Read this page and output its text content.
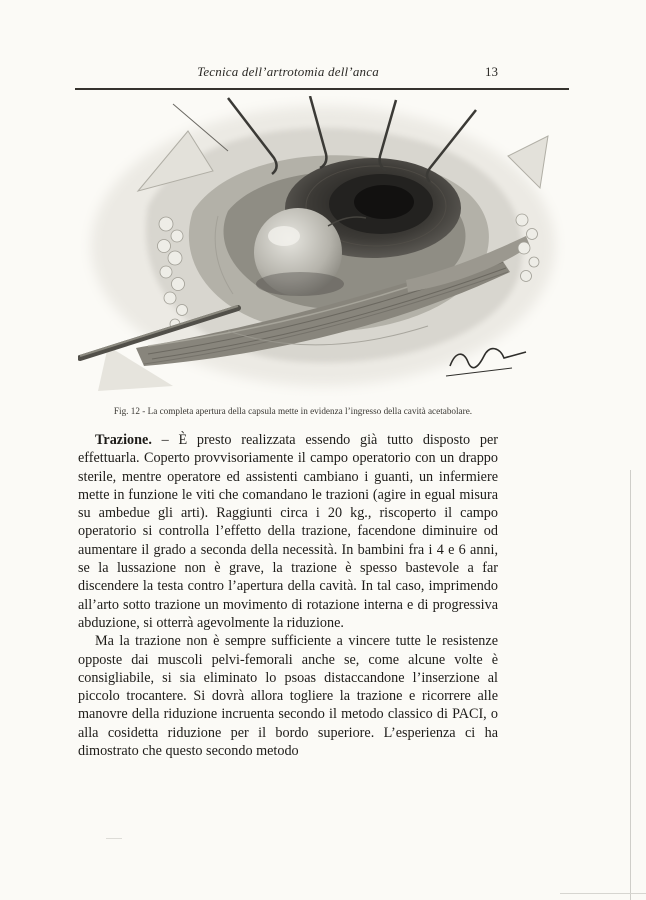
Tecnica dell’artrotomia dell’anca	13
Fig. 12 - La completa apertura della capsula mette in evidenza l’ingresso della cavità acetabolare.

Trazione. – È presto realizzata essendo già tutto disposto per effettuarla. Coperto provvisoriamente il campo operatorio con un drappo sterile, mentre operatore ed assistenti cambiano i guanti, un infermiere mette in funzione le viti che comandano le trazioni (agire in egual misura su ambedue gli arti). Raggiunti circa i 20 kg., riscoperto il campo operatorio si controlla l’effetto della trazione, facendone diminuire od aumentare il grado a seconda della necessità. In bambini fra i 4 e 6 anni, se la lussazione non è grave, la trazione è spesso bastevole a far discendere la testa contro l’apertura della cavità. In tal caso, imprimendo all’arto sotto trazione un movimento di rotazione interna e di progressiva abduzione, si otterrà agevolmente la riduzione.

Ma la trazione non è sempre sufficiente a vincere tutte le resistenze opposte dai muscoli pelvi-femorali anche se, come alcune volte è consigliabile, si sia eliminato lo psoas distaccandone l’inserzione al piccolo trocantere. Si dovrà allora togliere la trazione e ricorrere alle manovre della riduzione incruenta secondo il metodo classico di PACI, o alla cosidetta riduzione per il bordo superiore. L’esperienza ci ha dimostrato che questo secondo metodo
